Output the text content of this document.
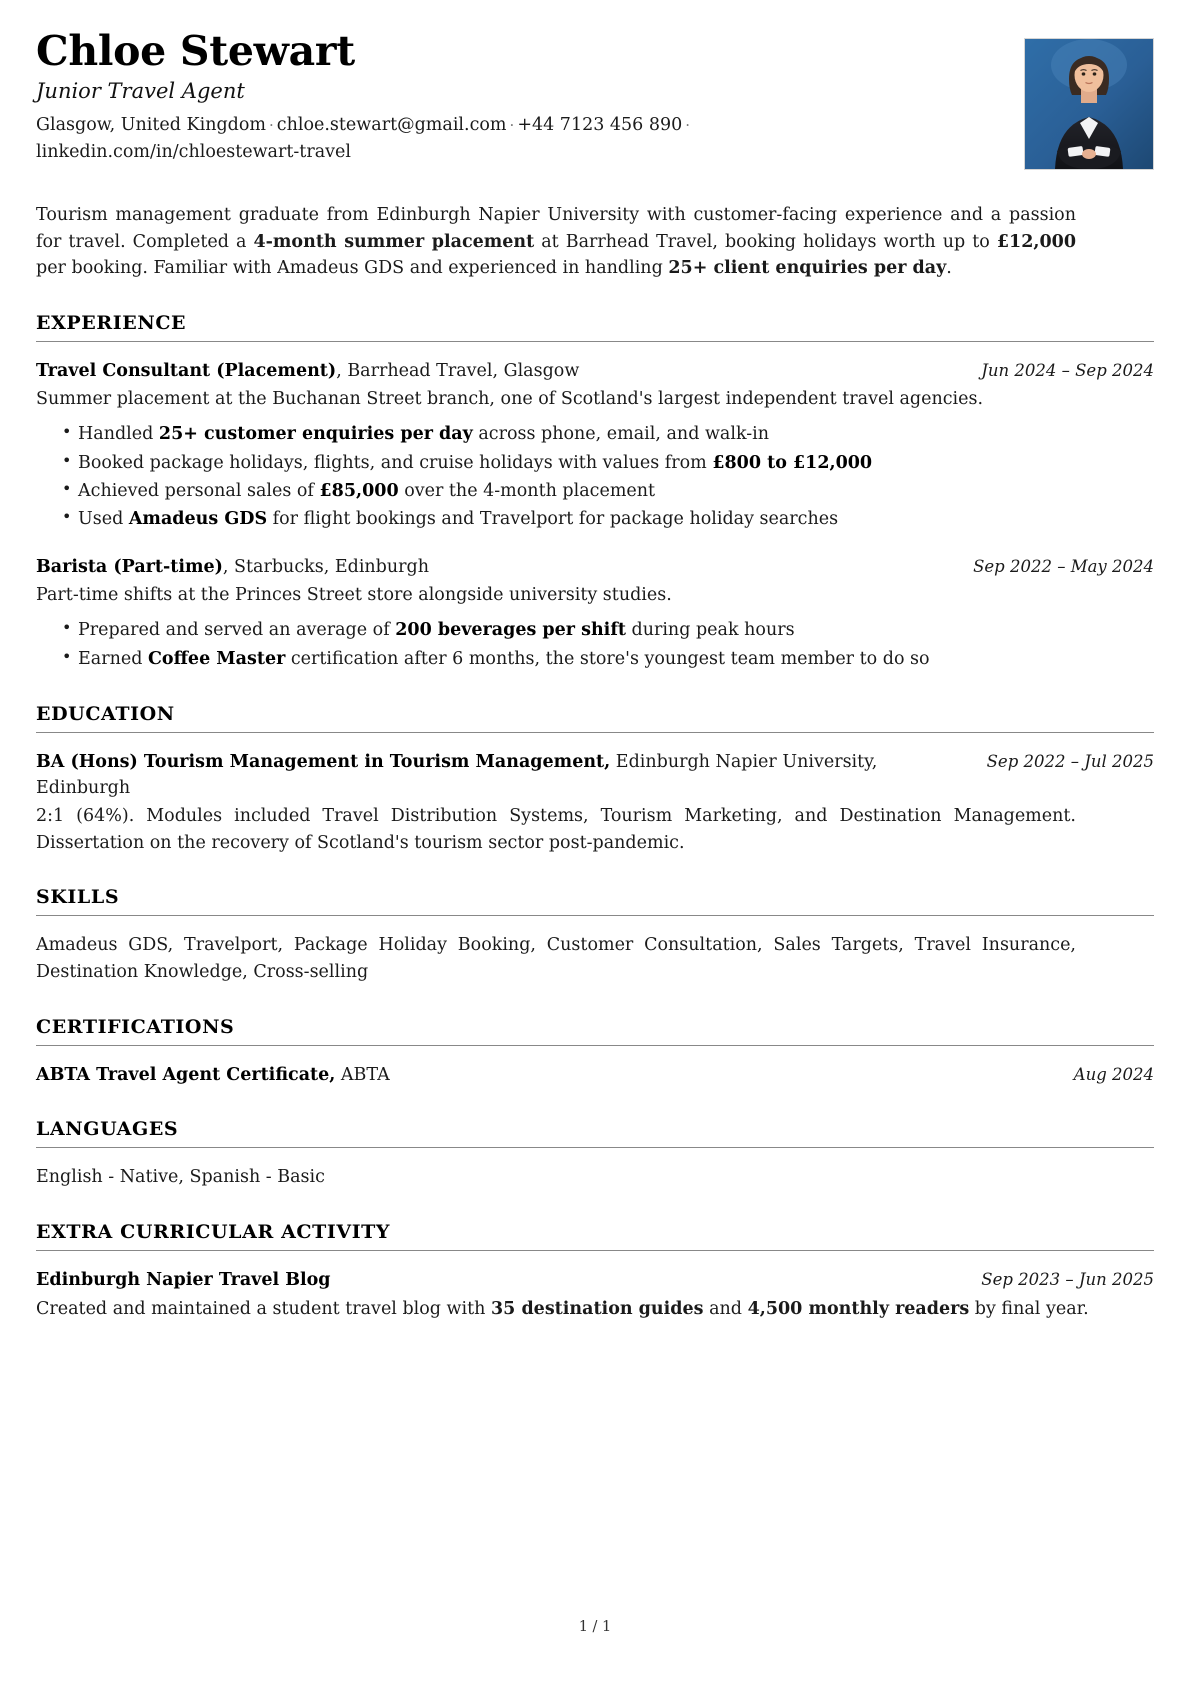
Chloe Stewart
Junior Travel Agent
Glasgow, United Kingdom · chloe.stewart@gmail.com · +44 7123 456 890 · linkedin.com/in/chloestewart-travel

Tourism management graduate from Edinburgh Napier University with customer-facing experience and a passion for travel. Completed a 4-month summer placement at Barrhead Travel, booking holidays worth up to £12,000 per booking. Familiar with Amadeus GDS and experienced in handling 25+ client enquiries per day.

EXPERIENCE
Travel Consultant (Placement), Barrhead Travel, Glasgow	Jun 2024 – Sep 2024
Summer placement at the Buchanan Street branch, one of Scotland's largest independent travel agencies.
• Handled 25+ customer enquiries per day across phone, email, and walk-in
• Booked package holidays, flights, and cruise holidays with values from £800 to £12,000
• Achieved personal sales of £85,000 over the 4-month placement
• Used Amadeus GDS for flight bookings and Travelport for package holiday searches
Barista (Part-time), Starbucks, Edinburgh	Sep 2022 – May 2024
Part-time shifts at the Princes Street store alongside university studies.
• Prepared and served an average of 200 beverages per shift during peak hours
• Earned Coffee Master certification after 6 months, the store's youngest team member to do so
EDUCATION
BA (Hons) Tourism Management in Tourism Management, Edinburgh Napier University, Edinburgh
Sep 2022 – Jul 2025
2:1 (64%). Modules included Travel Distribution Systems, Tourism Marketing, and Destination Management. Dissertation on the recovery of Scotland's tourism sector post-pandemic.
SKILLS
Amadeus GDS, Travelport, Package Holiday Booking, Customer Consultation, Sales Targets, Travel Insurance, Destination Knowledge, Cross-selling
CERTIFICATIONS
ABTA Travel Agent Certificate, ABTA	Aug 2024
LANGUAGES
English - Native, Spanish - Basic
EXTRA CURRICULAR ACTIVITY
Edinburgh Napier Travel Blog	Sep 2023 – Jun 2025
Created and maintained a student travel blog with 35 destination guides and 4,500 monthly readers by final year.
1 / 1
